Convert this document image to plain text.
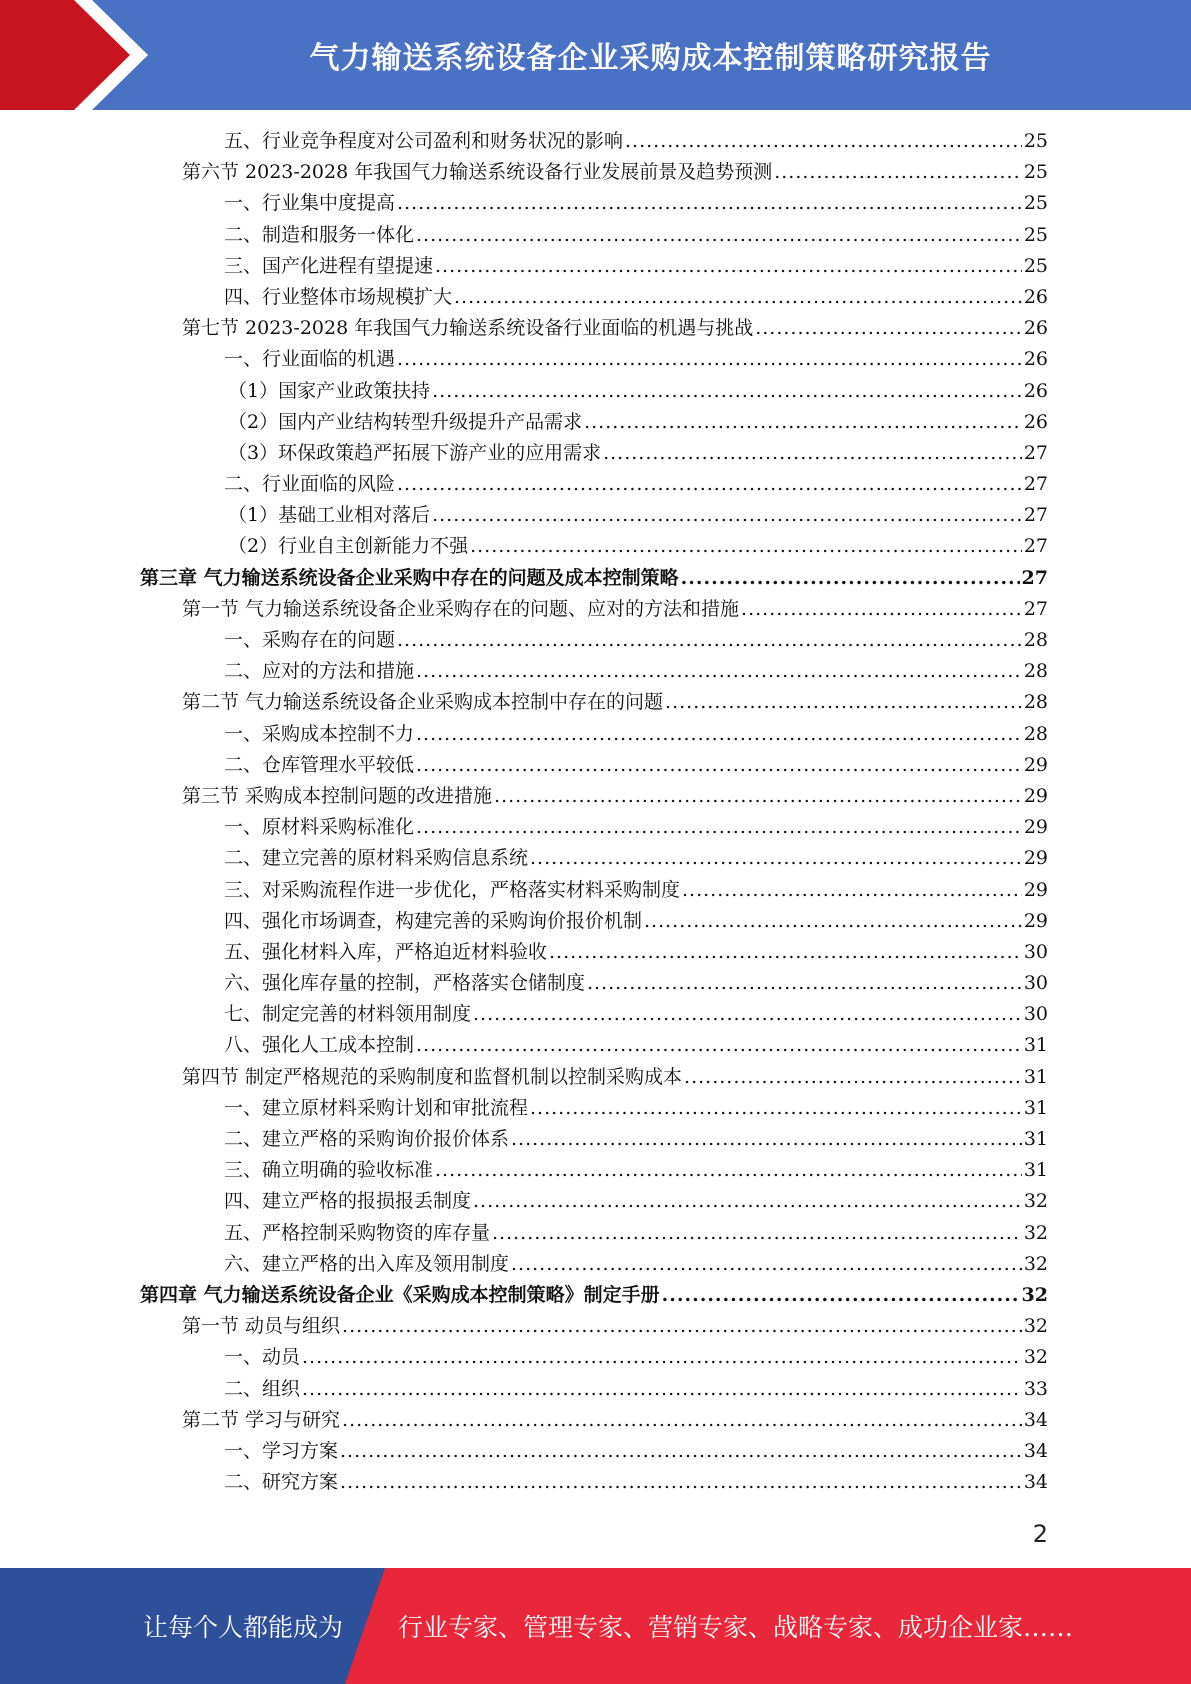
气力输送系统设备企业采购成本控制策略研究报告
五、行业竞争程度对公司盈利和财务状况的影响 .....	25
第六节 2023-2028 年我国气力输送系统设备行业发展前景及趋势预测 .....	25
一、行业集中度提高 .....	25
二、制造和服务一体化 .....	25
三、国产化进程有望提速 .....	25
四、行业整体市场规模扩大 .....	26
第七节 2023-2028 年我国气力输送系统设备行业面临的机遇与挑战 .....	26
一、行业面临的机遇 .....	26
（1）国家产业政策扶持 .....	26
（2）国内产业结构转型升级提升产品需求 .....	26
（3）环保政策趋严拓展下游产业的应用需求 .....	27
二、行业面临的风险 .....	27
（1）基础工业相对落后 .....	27
（2）行业自主创新能力不强 .....	27
第三章 气力输送系统设备企业采购中存在的问题及成本控制策略 .....	27
第一节 气力输送系统设备企业采购存在的问题、应对的方法和措施 .....	27
一、采购存在的问题 .....	28
二、应对的方法和措施 .....	28
第二节 气力输送系统设备企业采购成本控制中存在的问题 .....	28
一、采购成本控制不力 .....	28
二、仓库管理水平较低 .....	29
第三节 采购成本控制问题的改进措施 .....	29
一、原材料采购标准化 .....	29
二、建立完善的原材料采购信息系统 .....	29
三、对采购流程作进一步优化，严格落实材料采购制度 .....	29
四、强化市场调查，构建完善的采购询价报价机制 .....	29
五、强化材料入库，严格迫近材料验收 .....	30
六、强化库存量的控制，严格落实仓储制度 .....	30
七、制定完善的材料领用制度 .....	30
八、强化人工成本控制 .....	31
第四节 制定严格规范的采购制度和监督机制以控制采购成本 .....	31
一、建立原材料采购计划和审批流程 .....	31
二、建立严格的采购询价报价体系 .....	31
三、确立明确的验收标准 .....	31
四、建立严格的报损报丢制度 .....	32
五、严格控制采购物资的库存量 .....	32
六、建立严格的出入库及领用制度 .....	32
第四章 气力输送系统设备企业《采购成本控制策略》制定手册 .....	32
第一节 动员与组织 .....	32
一、动员 .....	32
二、组织 .....	33
第二节 学习与研究 .....	34
一、学习方案 .....	34
二、研究方案 .....	34
2
让每个人都能成为 行业专家、管理专家、营销专家、战略专家、成功企业家……
